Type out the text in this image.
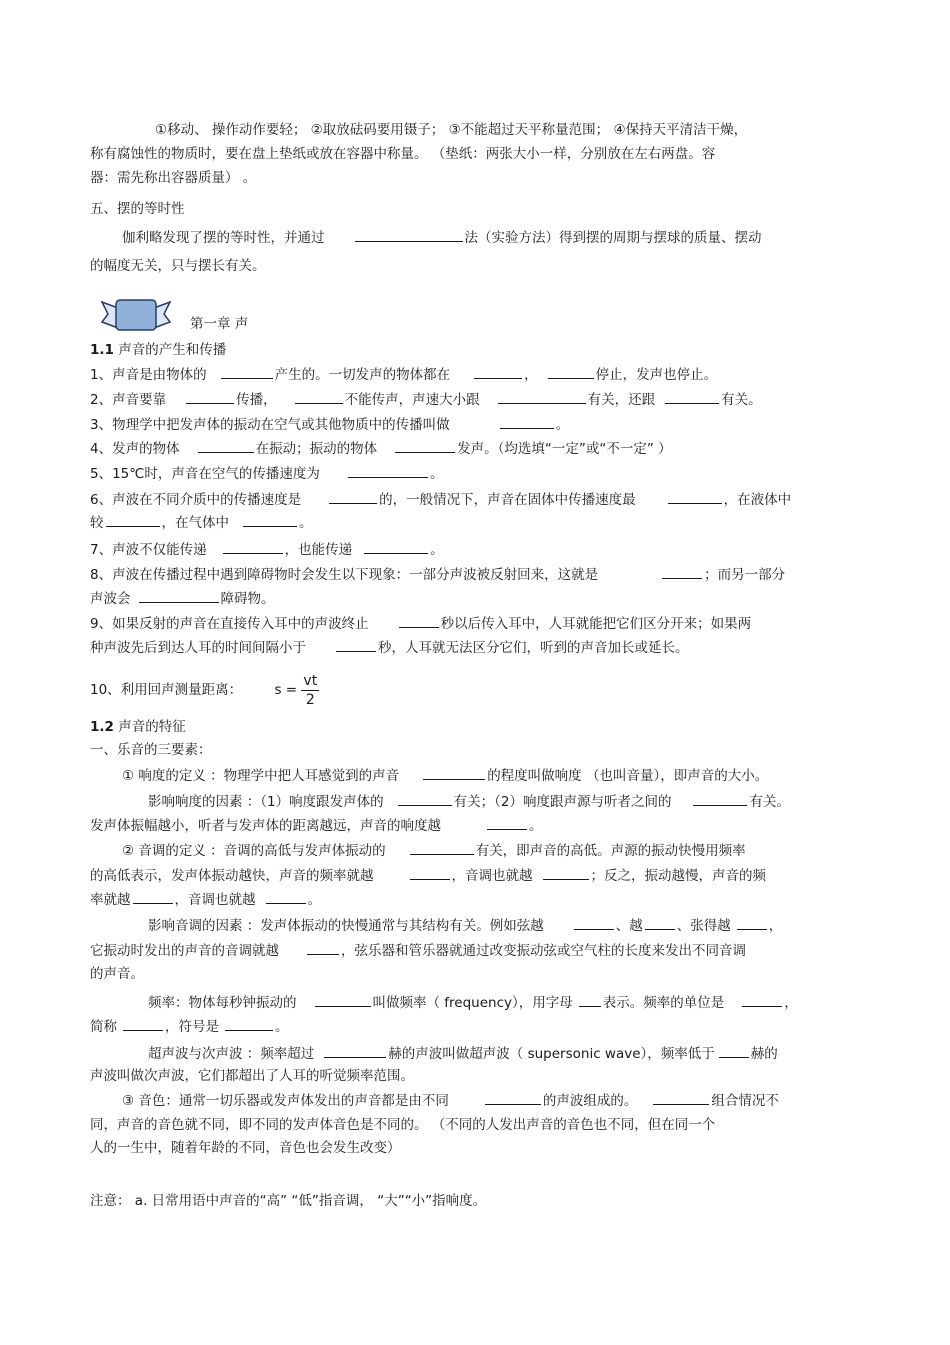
①移动、 操作动作要轻； ②取放砝码要用镊子； ③不能超过天平称量范围； ④保持天平清洁干燥，
称有腐蚀性的物质时，要在盘上垫纸或放在容器中称量。 （垫纸：两张大小一样，分别放在左右两盘。容
器：需先称出容器质量） 。
五、摆的等时性
伽利略发现了摆的等时性，并通过	法（实验方法）得到摆的周期与摆球的质量、摆动
的幅度无关，只与摆长有关。
第一章 声
1.1 声音的产生和传播
1、声音是由物体的	产生的。一切发声的物体都在	，	停止，发声也停止。
2、声音要靠	传播，	不能传声，声速大小跟	有关，还跟	有关。
3、物理学中把发声体的振动在空气或其他物质中的传播叫做	。
4、发声的物体	在振动；振动的物体	发声。（均选填“一定”或“不一定” ）
5、15℃时，声音在空气的传播速度为	。
6、声波在不同介质中的传播速度是	的，一般情况下，声音在固体中传播速度最	，在液体中
较	，在气体中	。
7、声波不仅能传递	，也能传递	。
8、声波在传播过程中遇到障碍物时会发生以下现象：一部分声波被反射回来，这就是	；而另一部分
声波会	障碍物。
9、如果反射的声音在直接传入耳中的声波终止	秒以后传入耳中，人耳就能把它们区分开来；如果两
种声波先后到达人耳的时间间隔小于	秒，人耳就无法区分它们，听到的声音加长或延长。
10、利用回声测量距离： $s = \frac{vt}{2}$
1.2 声音的特征
一、乐音的三要素：
① 响度的定义 ：物理学中把人耳感觉到的声音	的程度叫做响度 （也叫音量），即声音的大小。
影响响度的因素 ：（1）响度跟发声体的	有关；（2）响度跟声源与听者之间的	有关。
发声体振幅越小，听者与发声体的距离越远，声音的响度越	。
② 音调的定义 ：音调的高低与发声体振动的	有关，即声音的高低。声源的振动快慢用频率
的高低表示，发声体振动越快，声音的频率就越	，音调也就越	；反之，振动越慢，声音的频
率就越	，音调也就越	。
影响音调的因素 ：发声体振动的快慢通常与其结构有关。例如弦越	、越	、张得越	，
它振动时发出的声音的音调就越	，弦乐器和管乐器就通过改变振动弦或空气柱的长度来发出不同音调
的声音。
频率：物体每秒钟振动的	叫做频率（ frequency），用字母 表示。频率的单位是	，
简称	，符号是	。
超声波与次声波 ：频率超过	赫的声波叫做超声波（ supersonic wave），频率低于	赫的
声波叫做次声波，它们都超出了人耳的听觉频率范围。
③ 音色：通常一切乐器或发声体发出的声音都是由不同	的声波组成的。	组合情况不
同，声音的音色就不同，即不同的发声体音色是不同的。 （不同的人发出声音的音色也不同，但在同一个
人的一生中，随着年龄的不同，音色也会发生改变）
注意： a. 日常用语中声音的“高” “低”指音调， “大”“小”指响度。
